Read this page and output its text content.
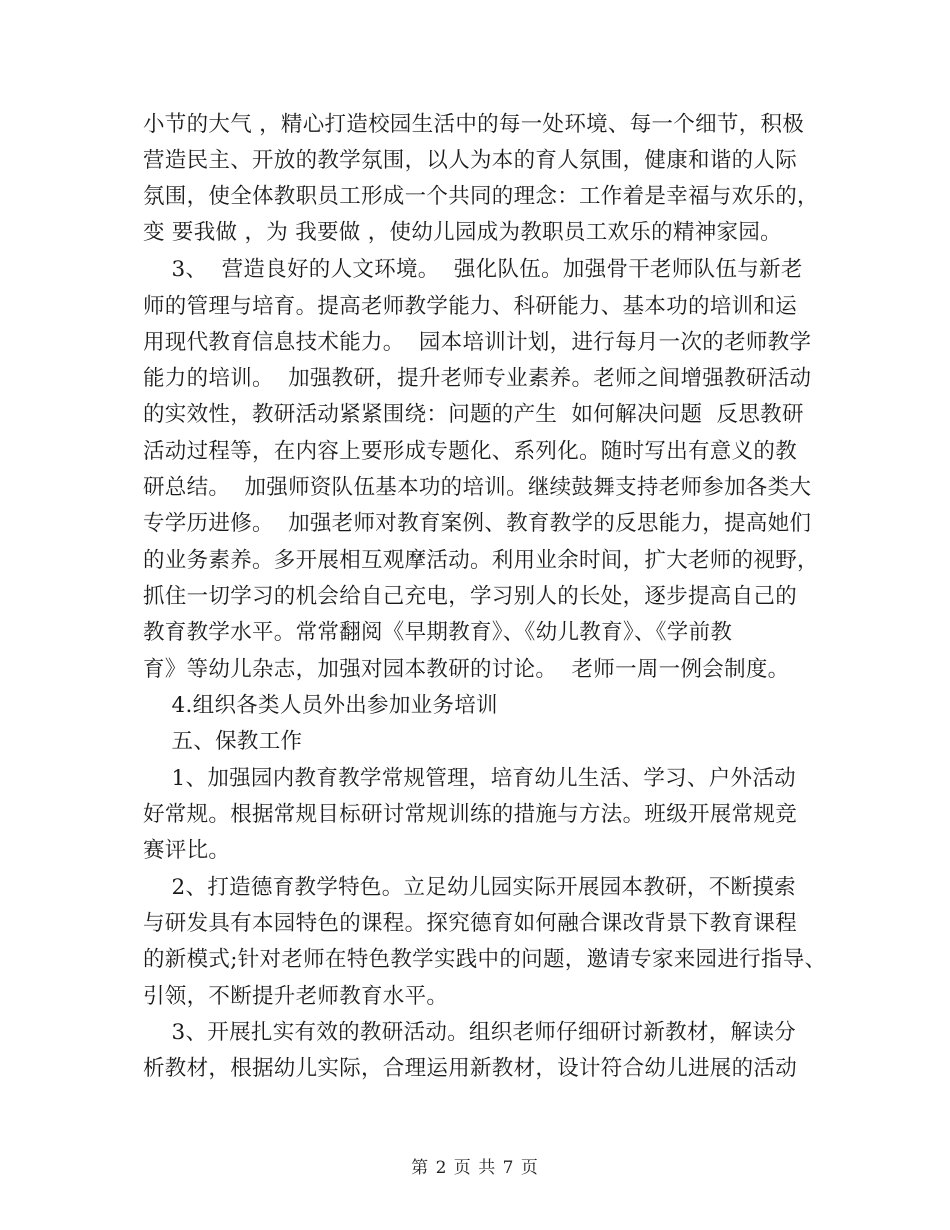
小节的大气 ，精心打造校园生活中的每一处环境、每一个细节，积极
营造民主、开放的教学氛围，以人为本的育人氛围，健康和谐的人际
氛围，使全体教职员工形成一个共同的理念：工作着是幸福与欢乐的，
变 要我做 ，为 我要做 ，使幼儿园成为教职员工欢乐的精神家园。
3、  营造良好的人文环境。  强化队伍。加强骨干老师队伍与新老
师的管理与培育。提高老师教学能力、科研能力、基本功的培训和运
用现代教育信息技术能力。  园本培训计划，进行每月一次的老师教学
能力的培训。  加强教研，提升老师专业素养。老师之间增强教研活动
的实效性，教研活动紧紧围绕：问题的产生  如何解决问题  反思教研
活动过程等，在内容上要形成专题化、系列化。随时写出有意义的教
研总结。  加强师资队伍基本功的培训。继续鼓舞支持老师参加各类大
专学历进修。  加强老师对教育案例、教育教学的反思能力，提高她们
的业务素养。多开展相互观摩活动。利用业余时间，扩大老师的视野，
抓住一切学习的机会给自己充电，学习别人的长处，逐步提高自己的
教育教学水平。常常翻阅《早期教育》、《幼儿教育》、《学前教
育》等幼儿杂志，加强对园本教研的讨论。  老师一周一例会制度。
4.组织各类人员外出参加业务培训
五、保教工作
1、加强园内教育教学常规管理，培育幼儿生活、学习、户外活动
好常规。根据常规目标研讨常规训练的措施与方法。班级开展常规竞
赛评比。
2、打造德育教学特色。立足幼儿园实际开展园本教研，不断摸索
与研发具有本园特色的课程。探究德育如何融合课改背景下教育课程
的新模式;针对老师在特色教学实践中的问题，邀请专家来园进行指导、
引领，不断提升老师教育水平。
3、开展扎实有效的教研活动。组织老师仔细研讨新教材，解读分
析教材，根据幼儿实际，合理运用新教材，设计符合幼儿进展的活动
第 2 页 共 7 页
